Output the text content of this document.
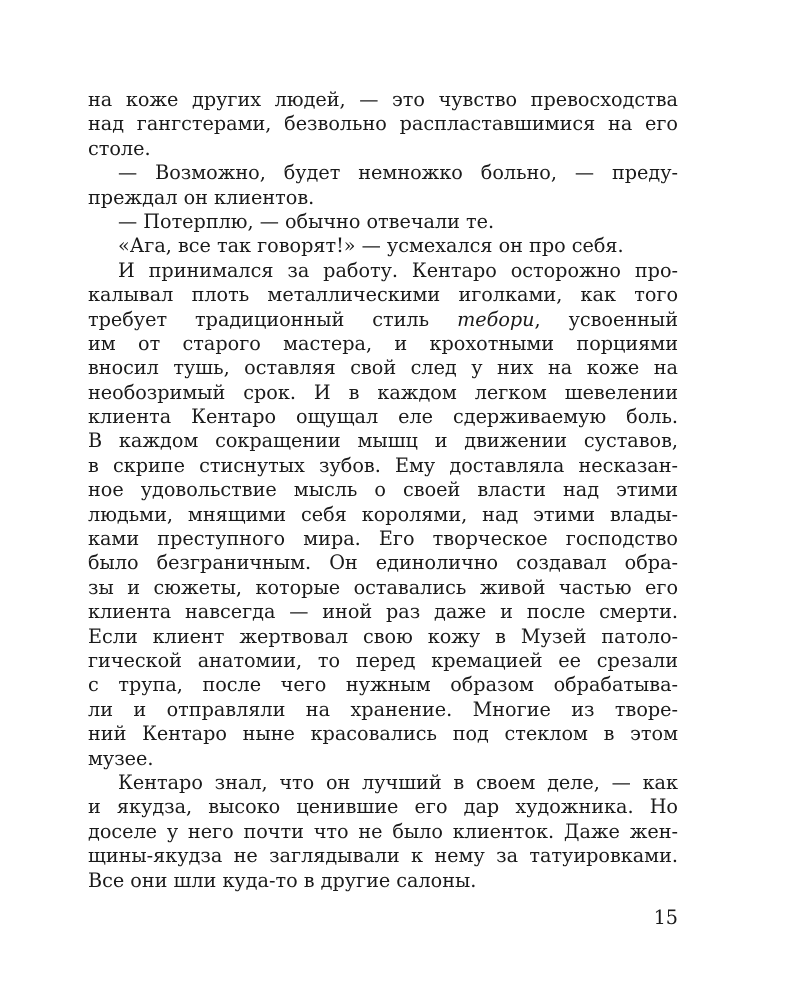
на коже других людей, — это чувство превосходства
над гангстерами, безвольно распластавшимися на его
столе.
— Возможно, будет немножко больно, — преду-
преждал он клиентов.
— Потерплю, — обычно отвечали те.
«Ага, все так говорят!» — усмехался он про себя.
И принимался за работу. Кентаро осторожно про-
калывал плоть металлическими иголками, как того
требует традиционный стиль тебори, усвоенный
им от старого мастера, и крохотными порциями
вносил тушь, оставляя свой след у них на коже на
необозримый срок. И в каждом легком шевелении
клиента Кентаро ощущал еле сдерживаемую боль.
В каждом сокращении мышц и движении суставов,
в скрипе стиснутых зубов. Ему доставляла несказан-
ное удовольствие мысль о своей власти над этими
людьми, мнящими себя королями, над этими влады-
ками преступного мира. Его творческое господство
было безграничным. Он единолично создавал обра-
зы и сюжеты, которые оставались живой частью его
клиента навсегда — иной раз даже и после смерти.
Если клиент жертвовал свою кожу в Музей патоло-
гической анатомии, то перед кремацией ее срезали
с трупа, после чего нужным образом обрабатыва-
ли и отправляли на хранение. Многие из творе-
ний Кентаро ныне красовались под стеклом в этом
музее.
Кентаро знал, что он лучший в своем деле, — как
и якудза, высоко ценившие его дар художника. Но
доселе у него почти что не было клиенток. Даже жен-
щины-якудза не заглядывали к нему за татуировками.
Все они шли куда-то в другие салоны.
15
